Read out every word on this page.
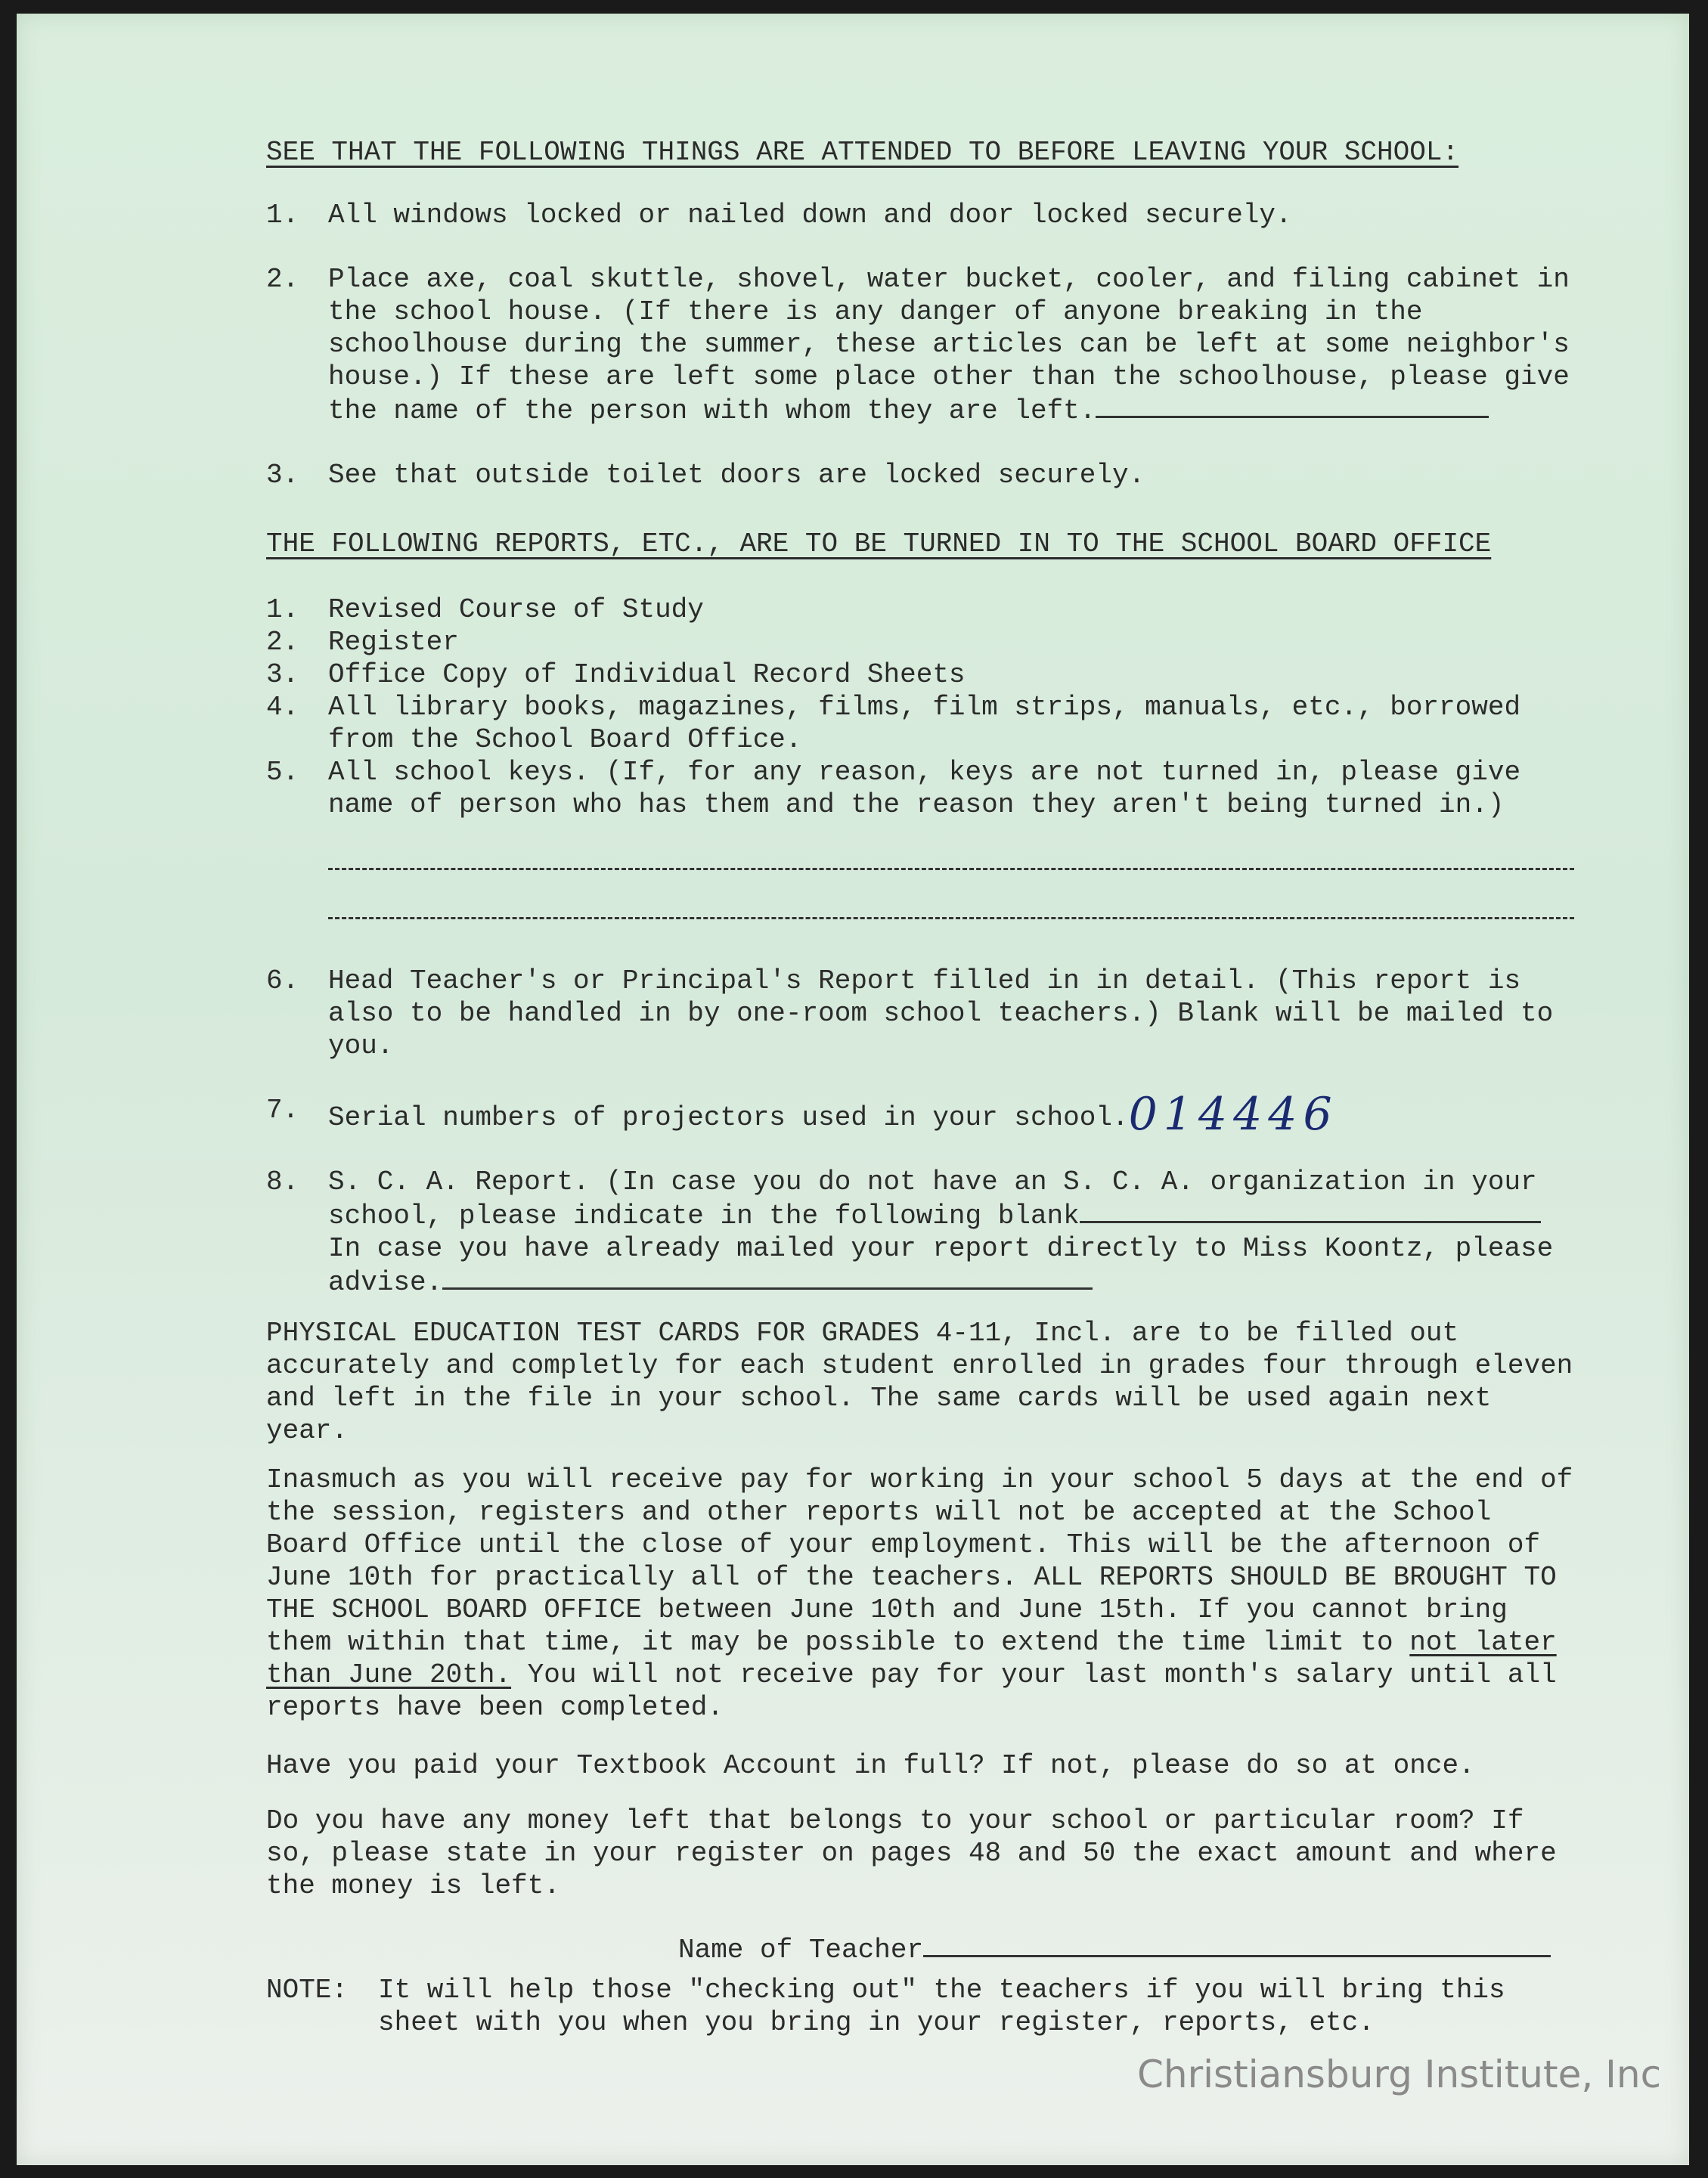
SEE THAT THE FOLLOWING THINGS ARE ATTENDED TO BEFORE LEAVING YOUR SCHOOL:
1.	All windows locked or nailed down and door locked securely.
2.	Place axe, coal skuttle, shovel, water bucket, cooler, and filing cabinet in the school house. (If there is any danger of anyone breaking in the schoolhouse during the summer, these articles can be left at some neighbor's house.) If these are left some place other than the schoolhouse, please give the name of the person with whom they are left.
3.	See that outside toilet doors are locked securely.
THE FOLLOWING REPORTS, ETC., ARE TO BE TURNED IN TO THE SCHOOL BOARD OFFICE
1.	Revised Course of Study
2.	Register
3.	Office Copy of Individual Record Sheets
4.	All library books, magazines, films, film strips, manuals, etc., borrowed from the School Board Office.
5.	All school keys. (If, for any reason, keys are not turned in, please give name of person who has them and the reason they aren't being turned in.)
6.	Head Teacher's or Principal's Report filled in in detail. (This report is also to be handled in by one-room school teachers.) Blank will be mailed to you.
7.	Serial numbers of projectors used in your school.014446
8.	S. C. A. Report. (In case you do not have an S. C. A. organization in your school, please indicate in the following blank
In case you have already mailed your report directly to Miss Koontz, please advise.
PHYSICAL EDUCATION TEST CARDS FOR GRADES 4-11, Incl. are to be filled out accurately and completly for each student enrolled in grades four through eleven and left in the file in your school. The same cards will be used again next year.
Inasmuch as you will receive pay for working in your school 5 days at the end of the session, registers and other reports will not be accepted at the School Board Office until the close of your employment. This will be the afternoon of June 10th for practically all of the teachers. ALL REPORTS SHOULD BE BROUGHT TO THE SCHOOL BOARD OFFICE between June 10th and June 15th. If you cannot bring them within that time, it may be possible to extend the time limit to not later than June 20th. You will not receive pay for your last month's salary until all reports have been completed.
Have you paid your Textbook Account in full? If not, please do so at once.
Do you have any money left that belongs to your school or particular room? If so, please state in your register on pages 48 and 50 the exact amount and where the money is left.
Name of Teacher
NOTE:	It will help those "checking out" the teachers if you will bring this sheet with you when you bring in your register, reports, etc.
Christiansburg Institute, Inc
